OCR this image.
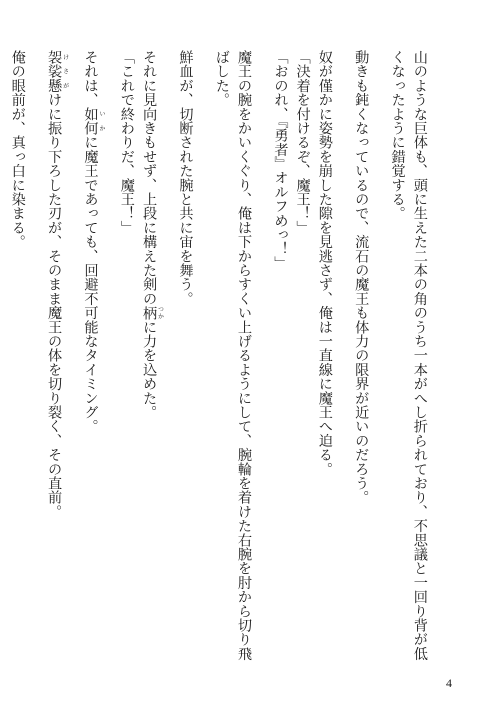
山のような巨体も、頭に生えた二本の角のうち一本がへし折られており、不思議と一回り背が低
くなったように錯覚する。
動きも鈍くなっているので、流石の魔王も体力の限界が近いのだろう。
奴が僅かに姿勢を崩した隙を見逃さず、俺は一直線に魔王へ迫る。
「決着を付けるぞ、魔王！」
「おのれ、『勇者』オルフめっ！」
魔王の腕をかいくぐり、俺は下からすくい上げるようにして、腕輪を着けた右腕を肘から切り飛
ばした。
鮮血が、切断された腕と共に宙を舞う。
それに見向きもせず、上段に構えた剣の柄 つかに力を込めた。
「これで終わりだ、魔王！」
それは、如何 いかに魔王であっても、回避不可能なタイミング。
袈裟懸 けさがけに振り下ろした刃が、そのまま魔王の体を切り裂く、その直前。
俺の眼前が、真っ白に染まる。
4
